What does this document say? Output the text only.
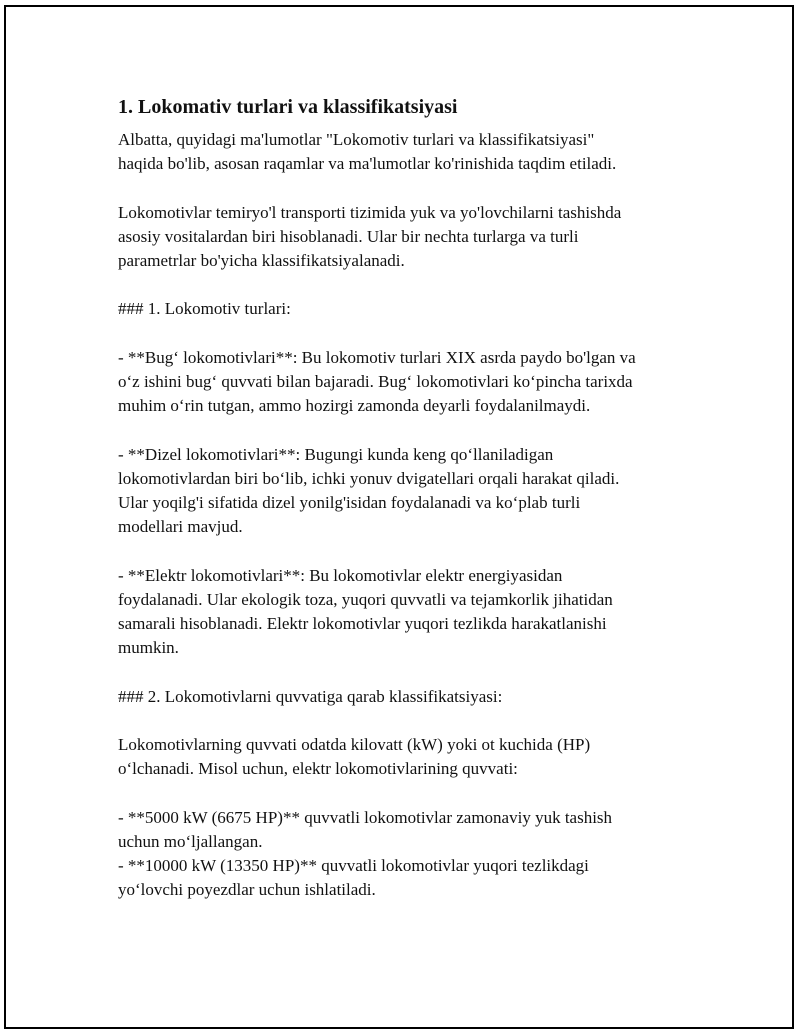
1. Lokomativ turlari va klassifikatsiyasi
Albatta, quyidagi ma'lumotlar "Lokomotiv turlari va klassifikatsiyasi"
haqida bo'lib, asosan raqamlar va ma'lumotlar ko'rinishida taqdim etiladi.
Lokomotivlar temiryo'l transporti tizimida yuk va yo'lovchilarni tashishda
asosiy vositalardan biri hisoblanadi. Ular bir nechta turlarga va turli
parametrlar bo'yicha klassifikatsiyalanadi.
### 1. Lokomotiv turlari:
- **Bug‘ lokomotivlari**: Bu lokomotiv turlari XIX asrda paydo bo'lgan va
o‘z ishini bug‘ quvvati bilan bajaradi. Bug‘ lokomotivlari ko‘pincha tarixda
muhim o‘rin tutgan, ammo hozirgi zamonda deyarli foydalanilmaydi.
- **Dizel lokomotivlari**: Bugungi kunda keng qo‘llaniladigan
lokomotivlardan biri bo‘lib, ichki yonuv dvigatellari orqali harakat qiladi.
Ular yoqilg'i sifatida dizel yonilg'isidan foydalanadi va ko‘plab turli
modellari mavjud.
- **Elektr lokomotivlari**: Bu lokomotivlar elektr energiyasidan
foydalanadi. Ular ekologik toza, yuqori quvvatli va tejamkorlik jihatidan
samarali hisoblanadi. Elektr lokomotivlar yuqori tezlikda harakatlanishi
mumkin.
### 2. Lokomotivlarni quvvatiga qarab klassifikatsiyasi:
Lokomotivlarning quvvati odatda kilovatt (kW) yoki ot kuchida (HP)
o‘lchanadi. Misol uchun, elektr lokomotivlarining quvvati:
- **5000 kW (6675 HP)** quvvatli lokomotivlar zamonaviy yuk tashish
uchun mo‘ljallangan.
- **10000 kW (13350 HP)** quvvatli lokomotivlar yuqori tezlikdagi
yo‘lovchi poyezdlar uchun ishlatiladi.
